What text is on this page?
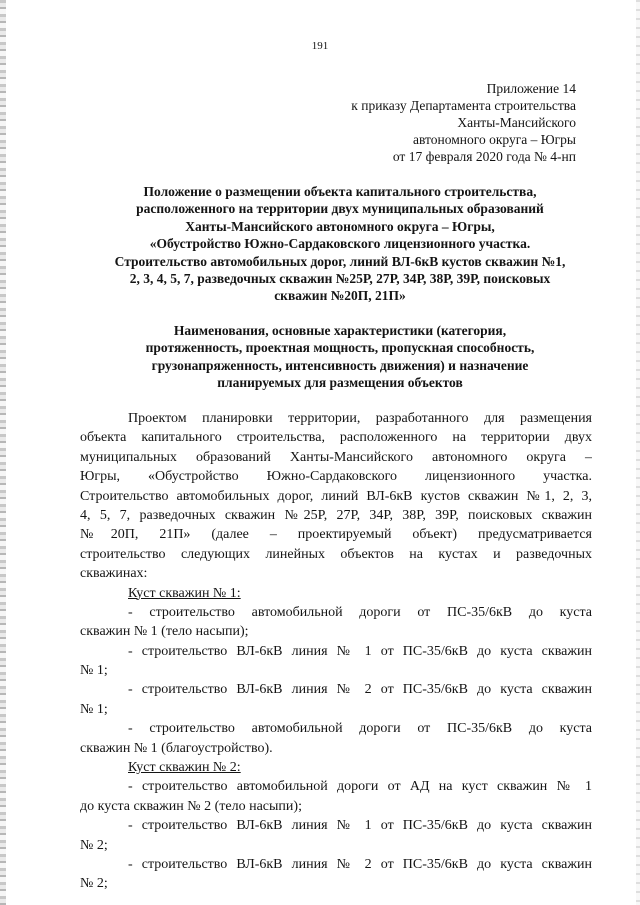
191
Приложение 14
к приказу Департамента строительства
Ханты-Мансийского
автономного округа – Югры
от 17 февраля 2020 года № 4-нп
Положение о размещении объекта капитального строительства,
расположенного на территории двух муниципальных образований
Ханты-Мансийского автономного округа – Югры,
«Обустройство Южно-Сардаковского лицензионного участка.
Строительство автомобильных дорог, линий ВЛ-6кВ кустов скважин №1,
2, 3, 4, 5, 7, разведочных скважин №25Р, 27Р, 34Р, 38Р, 39Р, поисковых
скважин №20П, 21П»
Наименования, основные характеристики (категория,
протяженность, проектная мощность, пропускная способность,
грузонапряженность, интенсивность движения) и назначение
планируемых для размещения объектов
Проектом планировки территории, разработанного для размещения
объекта капитального строительства, расположенного на территории двух
муниципальных образований Ханты-Мансийского автономного округа –
Югры, «Обустройство Южно-Сардаковского лицензионного участка.
Строительство автомобильных дорог, линий ВЛ-6кВ кустов скважин №1, 2, 3,
4, 5, 7, разведочных скважин №25Р, 27Р, 34Р, 38Р, 39Р, поисковых скважин
№20П, 21П» (далее – проектируемый объект) предусматривается
строительство следующих линейных объектов на кустах и разведочных
скважинах:
Куст скважин № 1:
- строительство автомобильной дороги от ПС-35/6кВ до куста
скважин № 1 (тело насыпи);
- строительство ВЛ-6кВ линия № 1 от ПС-35/6кВ до куста скважин
№ 1;
- строительство ВЛ-6кВ линия № 2 от ПС-35/6кВ до куста скважин
№ 1;
- строительство автомобильной дороги от ПС-35/6кВ до куста
скважин № 1 (благоустройство).
Куст скважин № 2:
- строительство автомобильной дороги от АД на куст скважин № 1
до куста скважин № 2 (тело насыпи);
- строительство ВЛ-6кВ линия № 1 от ПС-35/6кВ до куста скважин
№ 2;
- строительство ВЛ-6кВ линия № 2 от ПС-35/6кВ до куста скважин
№ 2;
